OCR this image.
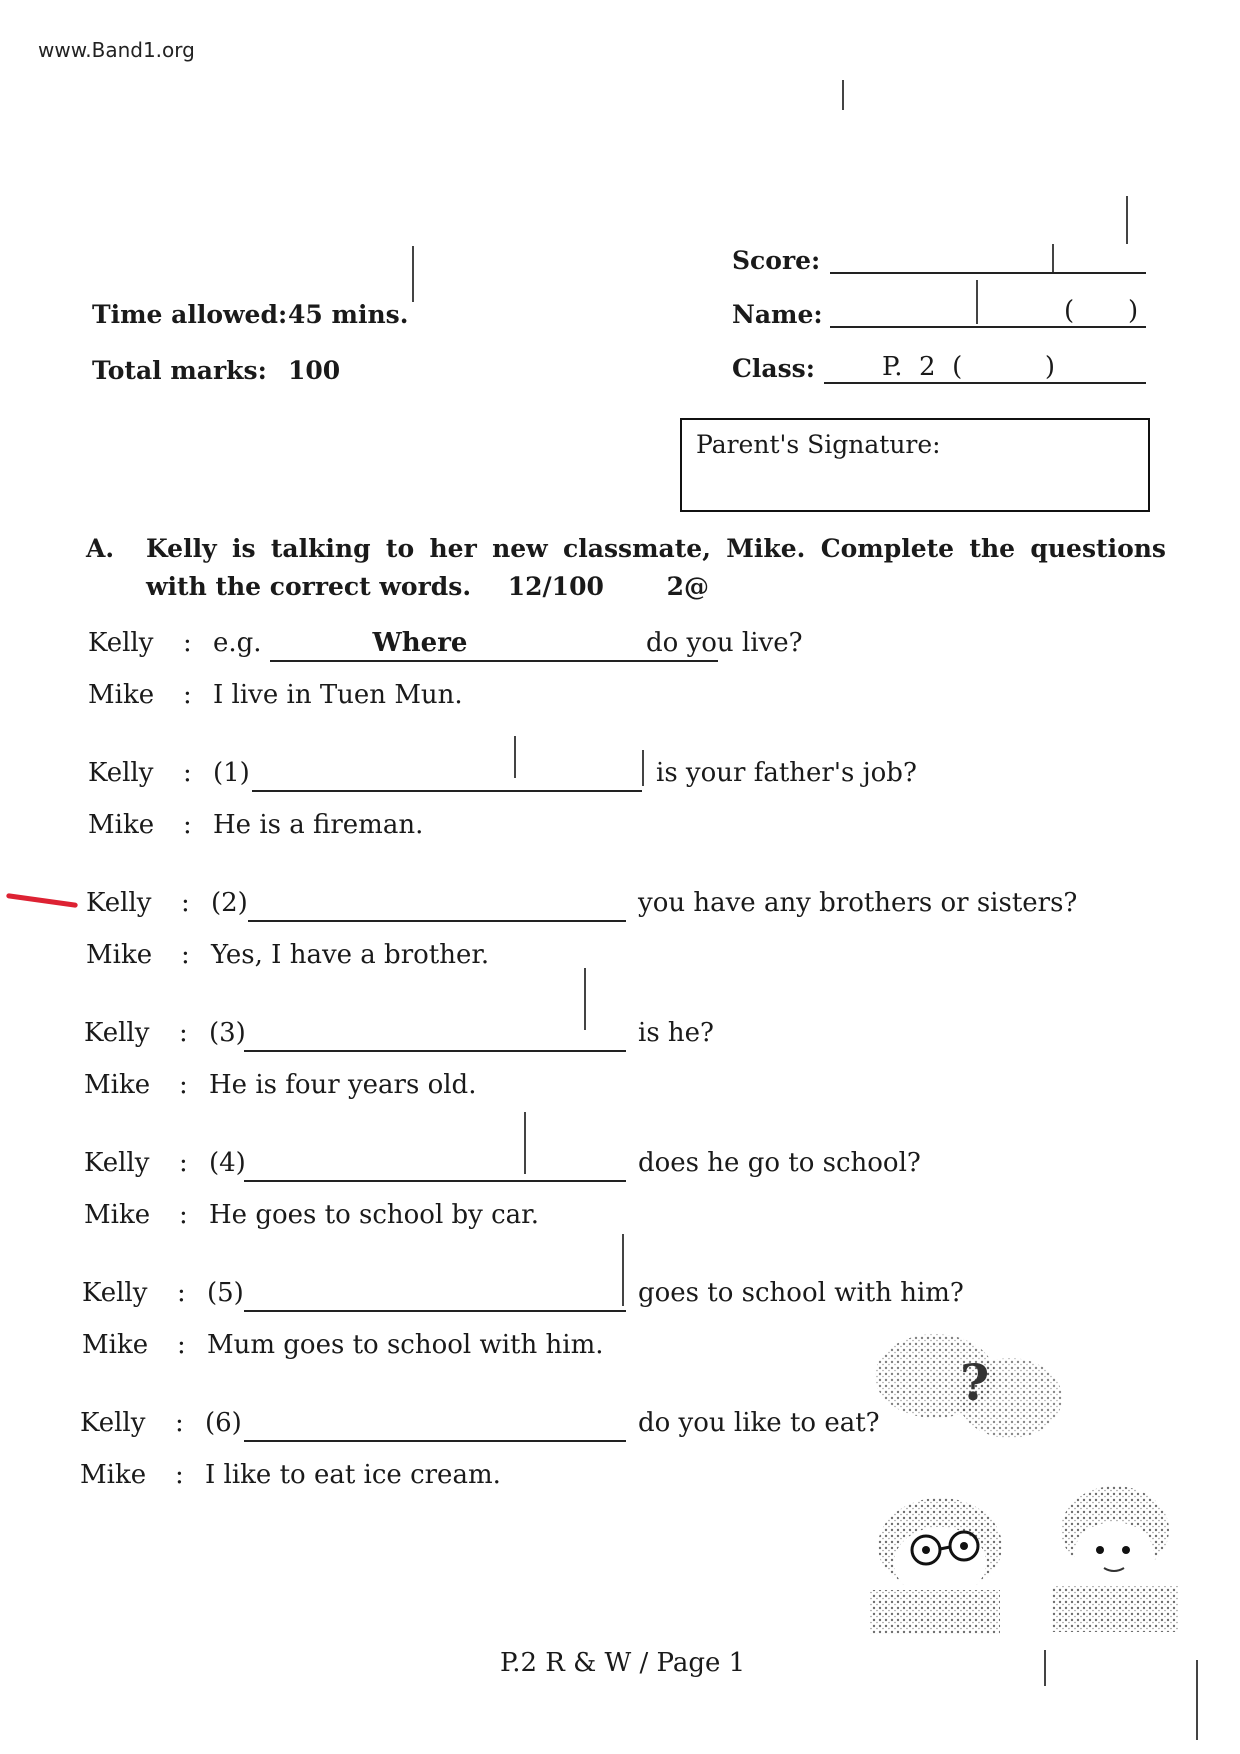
www.Band1.org
Time allowed: 45 mins.
Total marks: 100
Score:
Name:	( )
Class:	P.  2  (          )
Parent's Signature:
A. Kelly is talking to her new classmate, Mike. Complete the questions with the correct words. 12/100	2@
Kelly	: e.g.	Where	do you live?
Mike	: I live in Tuen Mun.
Kelly	: (1)	is your father's job?
Mike	: He is a fireman.
Kelly	: (2)	you have any brothers or sisters?
Mike	: Yes, I have a brother.
Kelly	: (3)	is he?
Mike	: He is four years old.
Kelly	: (4)	does he go to school?
Mike	: He goes to school by car.
Kelly	: (5)	goes to school with him?
Mike	: Mum goes to school with him.
Kelly	: (6)	do you like to eat?
Mike	: I like to eat ice cream.
?
P.2 R & W / Page 1
